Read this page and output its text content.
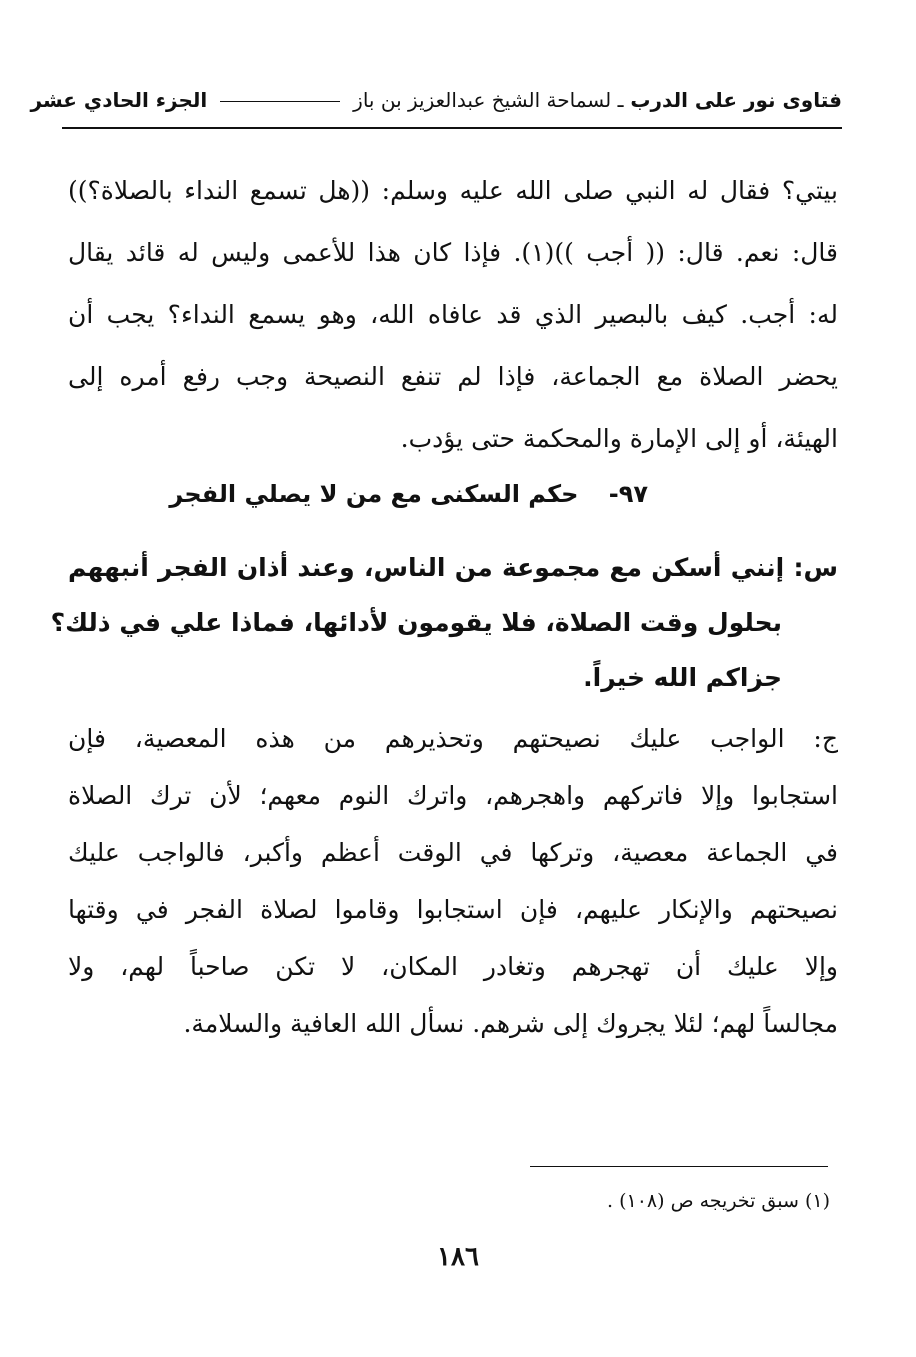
فتاوى نور على الدرب ـ لسماحة الشيخ عبدالعزيز بن باز  الجزء الحادي عشر
بيتي؟ فقال له النبي صلى الله عليه وسلم: ((هل تسمع النداء بالصلاة؟))
قال: نعم. قال: (( أجب ))(١). فإذا كان هذا للأعمى وليس له قائد يقال
له: أجب. كيف بالبصير الذي قد عافاه الله، وهو يسمع النداء؟ يجب أن
يحضر الصلاة مع الجماعة، فإذا لم تنفع النصيحة وجب رفع أمره إلى
الهيئة، أو إلى الإمارة والمحكمة حتى يؤدب.
٩٧- حكم السكنى مع من لا يصلي الفجر
س: إنني أسكن مع مجموعة من الناس، وعند أذان الفجر أنبههم
بحلول وقت الصلاة، فلا يقومون لأدائها، فماذا علي في ذلك؟
جزاكم الله خيراً.
ج: الواجب عليك نصيحتهم وتحذيرهم من هذه المعصية، فإن
استجابوا وإلا فاتركهم واهجرهم، واترك النوم معهم؛ لأن ترك الصلاة
في الجماعة معصية، وتركها في الوقت أعظم وأكبر، فالواجب عليك
نصيحتهم والإنكار عليهم، فإن استجابوا وقاموا لصلاة الفجر في وقتها
وإلا عليك أن تهجرهم وتغادر المكان، لا تكن صاحباً لهم، ولا
مجالساً لهم؛ لئلا يجروك إلى شرهم. نسأل الله العافية والسلامة.
(١) سبق تخريجه ص (١٠٨) .
١٨٦
